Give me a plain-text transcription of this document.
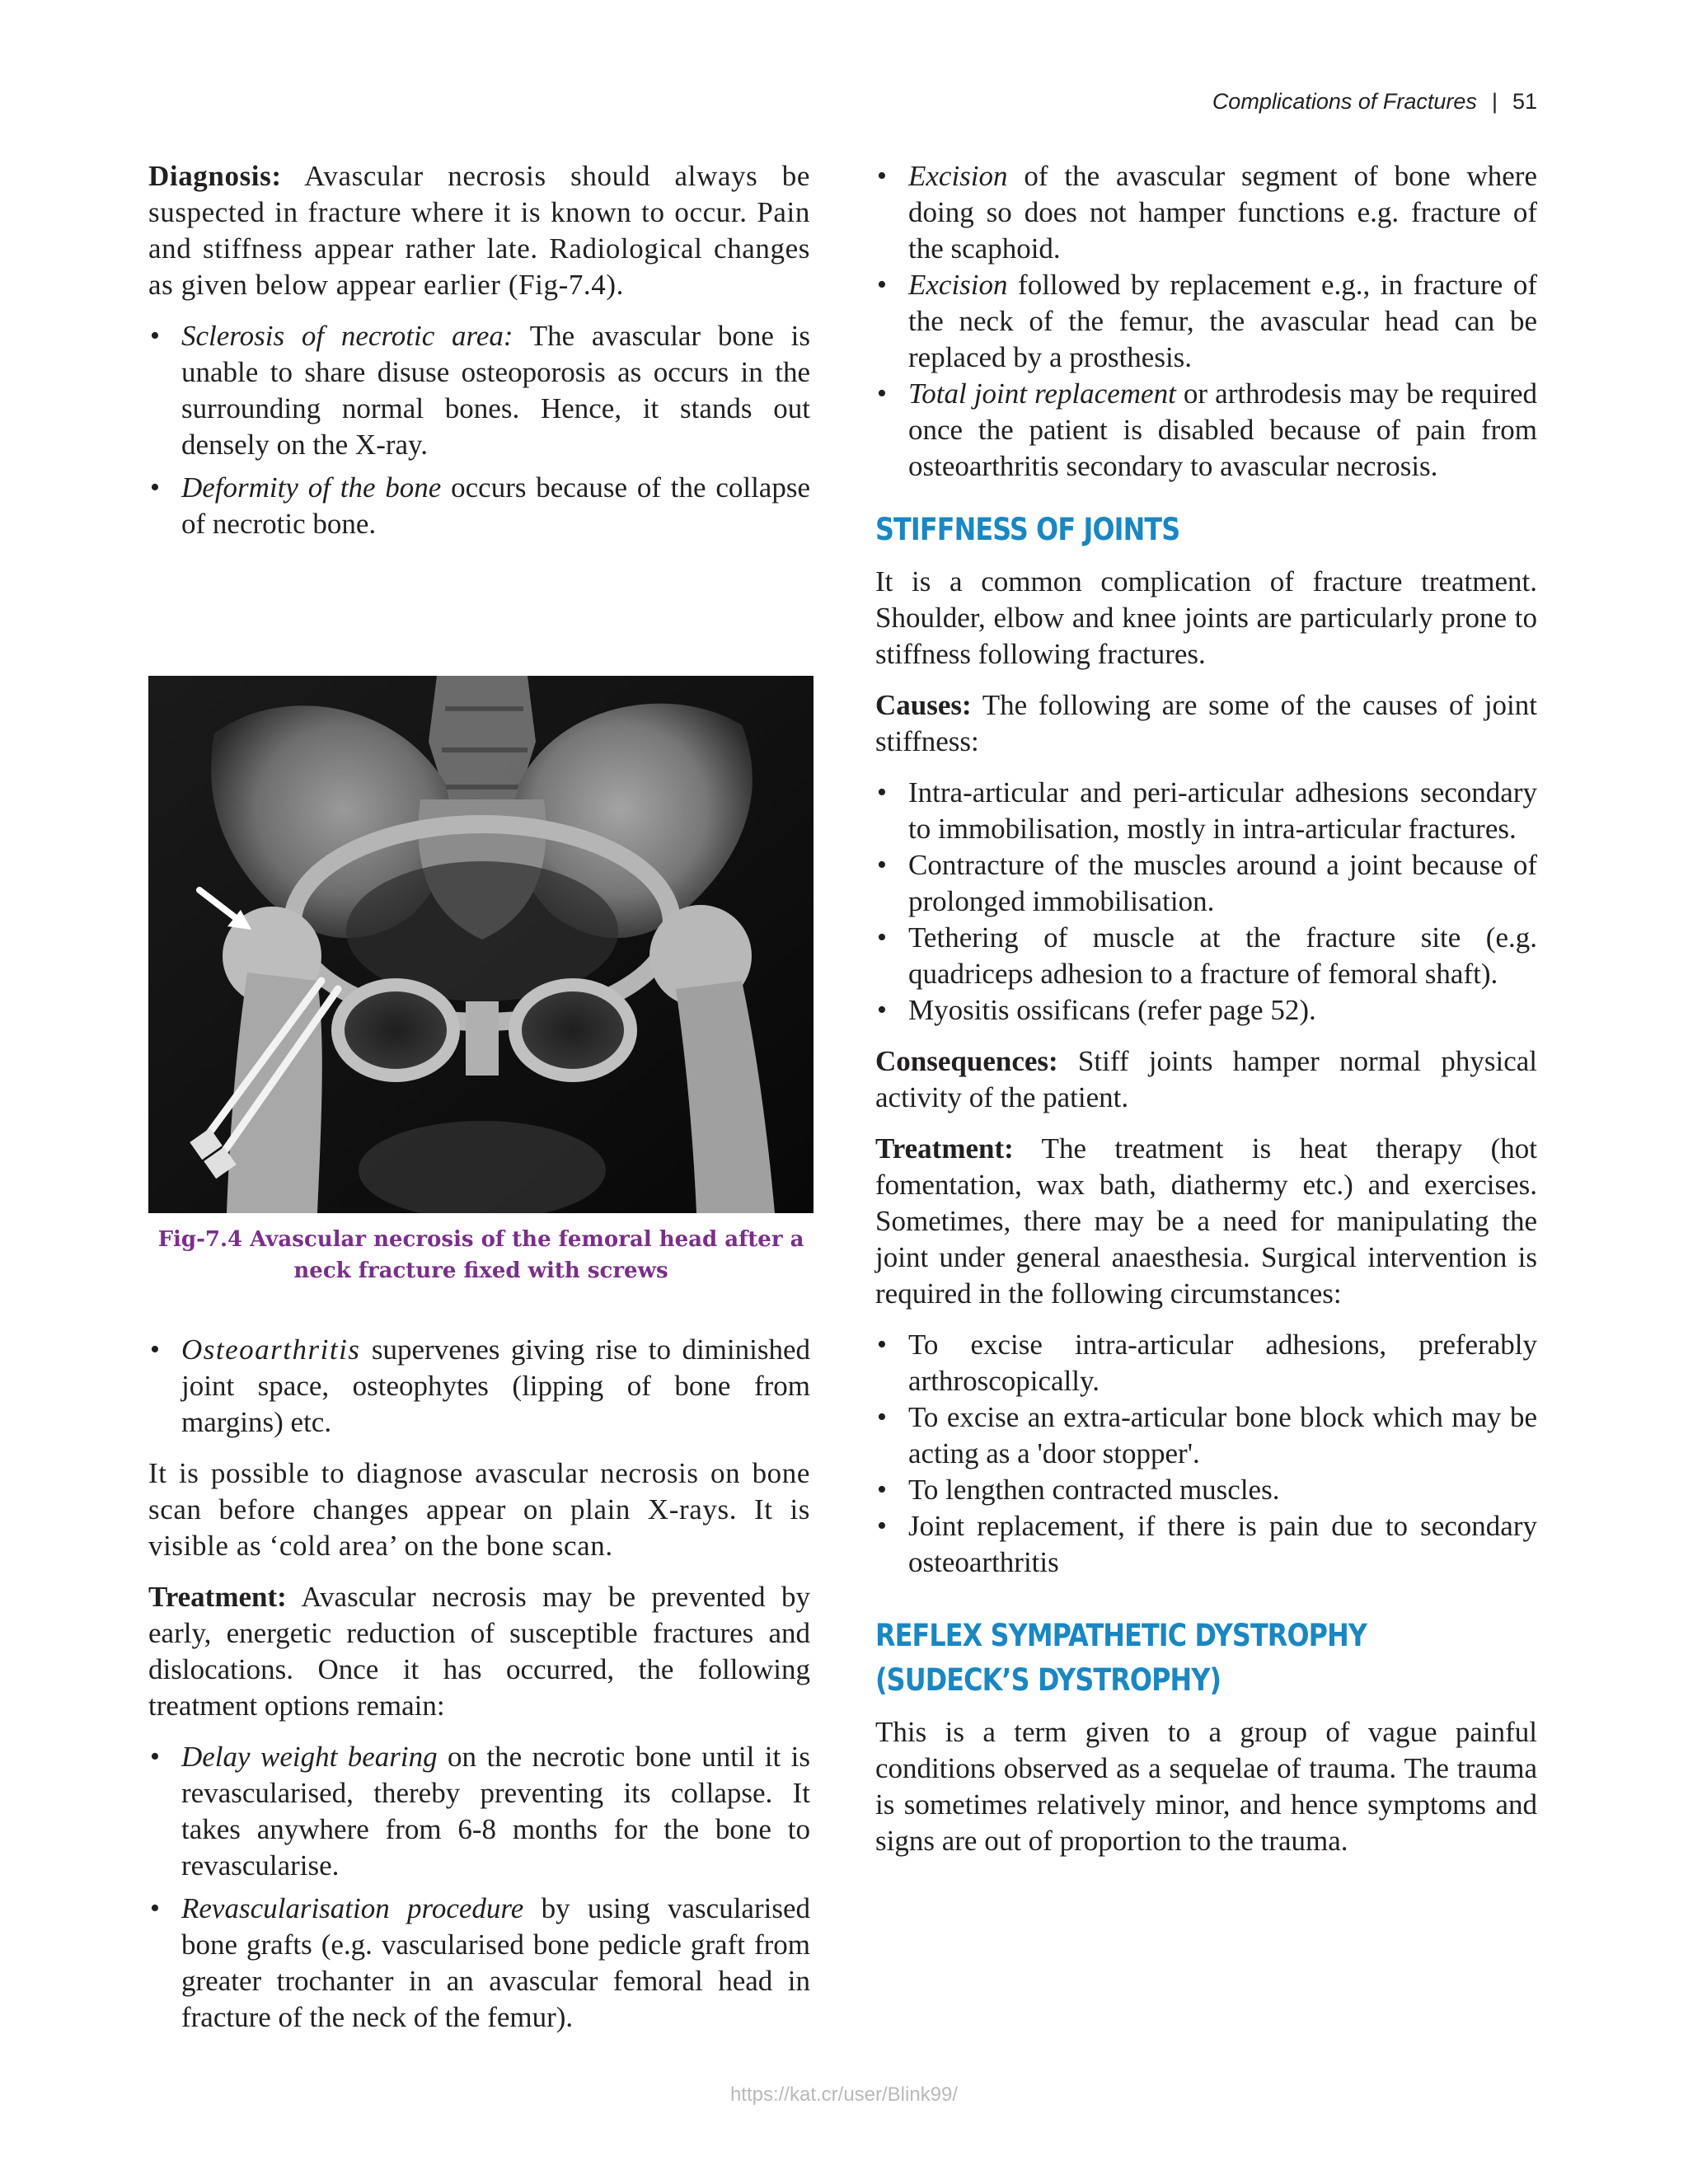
Complications of Fractures | 51

Diagnosis: Avascular necrosis should always be suspected in fracture where it is known to occur. Pain and stiffness appear rather late. Radiological changes as given below appear earlier (Fig-7.4).

• Sclerosis of necrotic area: The avascular bone is unable to share disuse osteoporosis as occurs in the surrounding normal bones. Hence, it stands out densely on the X-ray.
• Deformity of the bone occurs because of the collapse of necrotic bone.
Fig-7.4 Avascular necrosis of the femoral head after a
neck fracture fixed with screws
• Osteoarthritis supervenes giving rise to diminished joint space, osteophytes (lipping of bone from margins) etc.

It is possible to diagnose avascular necrosis on bone scan before changes appear on plain X-rays. It is visible as ‘cold area’ on the bone scan.

Treatment: Avascular necrosis may be prevented by early, energetic reduction of susceptible fractures and dislocations. Once it has occurred, the following treatment options remain:

• Delay weight bearing on the necrotic bone until it is revascularised, thereby preventing its collapse. It takes anywhere from 6-8 months for the bone to revascularise.
• Revascularisation procedure by using vascularised bone grafts (e.g. vascularised bone pedicle graft from greater trochanter in an avascular femoral head in fracture of the neck of the femur).
• Excision of the avascular segment of bone where doing so does not hamper functions e.g. fracture of the scaphoid.
• Excision followed by replacement e.g., in fracture of the neck of the femur, the avascular head can be replaced by a prosthesis.
• Total joint replacement or arthrodesis may be required once the patient is disabled because of pain from osteoarthritis secondary to avascular necrosis.
STIFFNESS OF JOINTS

It is a common complication of fracture treatment. Shoulder, elbow and knee joints are particularly prone to stiffness following fractures.

Causes: The following are some of the causes of joint stiffness:

• Intra-articular and peri-articular adhesions secondary to immobilisation, mostly in intra-articular fractures.
• Contracture of the muscles around a joint because of prolonged immobilisation.
• Tethering of muscle at the fracture site (e.g. quadriceps adhesion to a fracture of femoral shaft).
• Myositis ossificans (refer page 52).

Consequences: Stiff joints hamper normal physical activity of the patient.

Treatment: The treatment is heat therapy (hot fomentation, wax bath, diathermy etc.) and exercises. Sometimes, there may be a need for manipulating the joint under general anaesthesia. Surgical intervention is required in the following circumstances:

• To excise intra-articular adhesions, preferably arthroscopically.
• To excise an extra-articular bone block which may be acting as a 'door stopper'.
• To lengthen contracted muscles.
• Joint replacement, if there is pain due to secondary osteoarthritis
REFLEX SYMPATHETIC DYSTROPHY
(SUDECK’S DYSTROPHY)

This is a term given to a group of vague painful conditions observed as a sequelae of trauma. The trauma is sometimes relatively minor, and hence symptoms and signs are out of proportion to the trauma.

https://kat.cr/user/Blink99/
